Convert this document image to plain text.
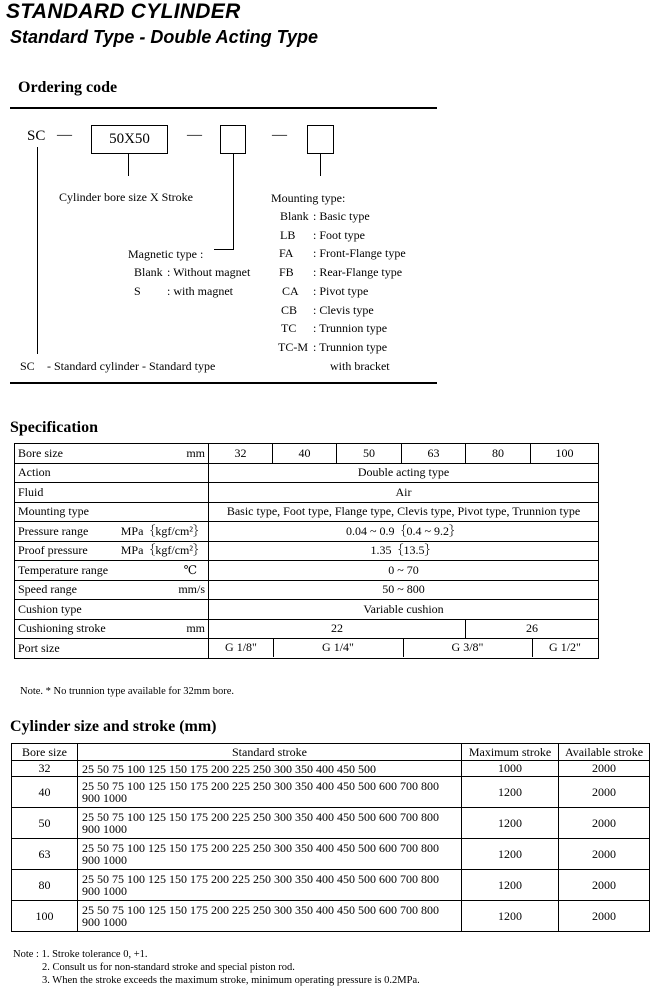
STANDARD CYLINDER
Standard Type - Double Acting Type
Ordering code
SC —	50X50	—	—
Cylinder bore size X Stroke
Magnetic type :
Blank : Without magnet
S : with magnet
Mounting type:
Blank : Basic type
LB : Foot type
FA : Front-Flange type
FB : Rear-Flange type
CA : Pivot type
CB : Clevis type
TC : Trunnion type
TC-M : Trunnion type
with bracket
SC - Standard cylinder - Standard type
Specification
Bore size mm	32	40	50	63	80	100
Action	Double acting type					
Fluid	Air					
Mounting type	Basic type, Foot type, Flange type, Clevis type, Pivot type, Trunnion type					

Pressure range MPa｛kgf/cm²｝	0.04 ~ 0.9｛0.4 ~ 9.2｝					

Proof pressure MPa｛kgf/cm²｝	1.35｛13.5｝					

Temperature range ℃	0 ~ 70					

Speed range mm/s	50 ~ 800					
Cushion type	Variable cushion					

Cushioning stroke mm	22				26	
Port size	G 1/8" G 1/4" G 3/8" G 1/2"					
Note. * No trunnion type available for 32mm bore.
Cylinder size and stroke (mm)
Bore size	Standard stroke	Maximum stroke	Available stroke
32	25 50 75 100 125 150 175 200 225 250 300 350 400 450 500	1000	2000
40	25 50 75 100 125 150 175 200 225 250 300 350 400 450 500 600 700 800 900 1000	1200	2000
50	25 50 75 100 125 150 175 200 225 250 300 350 400 450 500 600 700 800 900 1000	1200	2000
63	25 50 75 100 125 150 175 200 225 250 300 350 400 450 500 600 700 800 900 1000	1200	2000
80	25 50 75 100 125 150 175 200 225 250 300 350 400 450 500 600 700 800 900 1000	1200	2000
100	25 50 75 100 125 150 175 200 225 250 300 350 400 450 500 600 700 800 900 1000	1200	2000
Note : 1. Stroke tolerance 0, +1.
2. Consult us for non-standard stroke and special piston rod.
3. When the stroke exceeds the maximum stroke, minimum operating pressure is 0.2MPa.
